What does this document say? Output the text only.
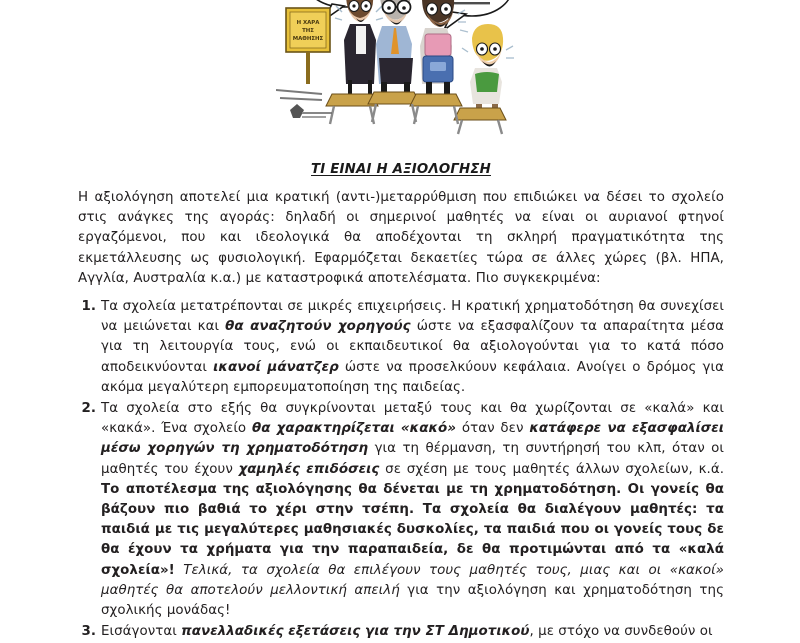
Η ΧΑΡΑ
ΤΗΣ
ΜΑΘΗΣΗΣ
ΤΙ ΕΙΝΑΙ Η ΑΞΙΟΛΟΓΗΣΗ

Η αξιολόγηση αποτελεί μια κρατική (αντι-)μεταρρύθμιση που επιδιώκει να δέσει το σχολείο στις ανάγκες της αγοράς: δηλαδή οι σημερινοί μαθητές να είναι οι αυριανοί φτηνοί εργαζόμενοι, που και ιδεολογικά θα αποδέχονται τη σκληρή πραγματικότητα της εκμετάλλευσης ως φυσιολογική. Εφαρμόζεται δεκαετίες τώρα σε άλλες χώρες (βλ. ΗΠΑ, Αγγλία, Αυστραλία κ.α.) με καταστροφικά αποτελέσματα. Πιο συγκεκριμένα:

Τα σχολεία μετατρέπονται σε μικρές επιχειρήσεις. Η κρατική χρηματοδότηση θα συνεχίσει να μειώνεται και θα αναζητούν χορηγούς ώστε να εξασφαλίζουν τα απαραίτητα μέσα για τη λειτουργία τους, ενώ οι εκπαιδευτικοί θα αξιολογούνται για το κατά πόσο αποδεικνύονται ικανοί μάνατζερ ώστε να προσελκύουν κεφάλαια. Ανοίγει ο δρόμος για ακόμα μεγαλύτερη εμπορευματοποίηση της παιδείας.
Τα σχολεία στο εξής θα συγκρίνονται μεταξύ τους και θα χωρίζονται σε «καλά» και «κακά». Ένα σχολείο θα χαρακτηρίζεται «κακό» όταν δεν κατάφερε να εξασφαλίσει μέσω χορηγών τη χρηματοδότηση για τη θέρμανση, τη συντήρησή του κλπ, όταν οι μαθητές του έχουν χαμηλές επιδόσεις σε σχέση με τους μαθητές άλλων σχολείων, κ.ά. Το αποτέλεσμα της αξιολόγησης θα δένεται με τη χρηματοδότηση. Οι γονείς θα βάζουν πιο βαθιά το χέρι στην τσέπη. Τα σχολεία θα διαλέγουν μαθητές: τα παιδιά με τις μεγαλύτερες μαθησιακές δυσκολίες, τα παιδιά που οι γονείς τους δε θα έχουν τα χρήματα για την παραπαιδεία, δε θα προτιμώνται από τα «καλά σχολεία»! Τελικά, τα σχολεία θα επιλέγουν τους μαθητές τους, μιας και οι «κακοί» μαθητές θα αποτελούν μελλοντική απειλή για την αξιολόγηση και χρηματοδότηση της σχολικής μονάδας!
Εισάγονται πανελλαδικές εξετάσεις για την ΣΤ Δημοτικού, με στόχο να συνδεθούν οι
